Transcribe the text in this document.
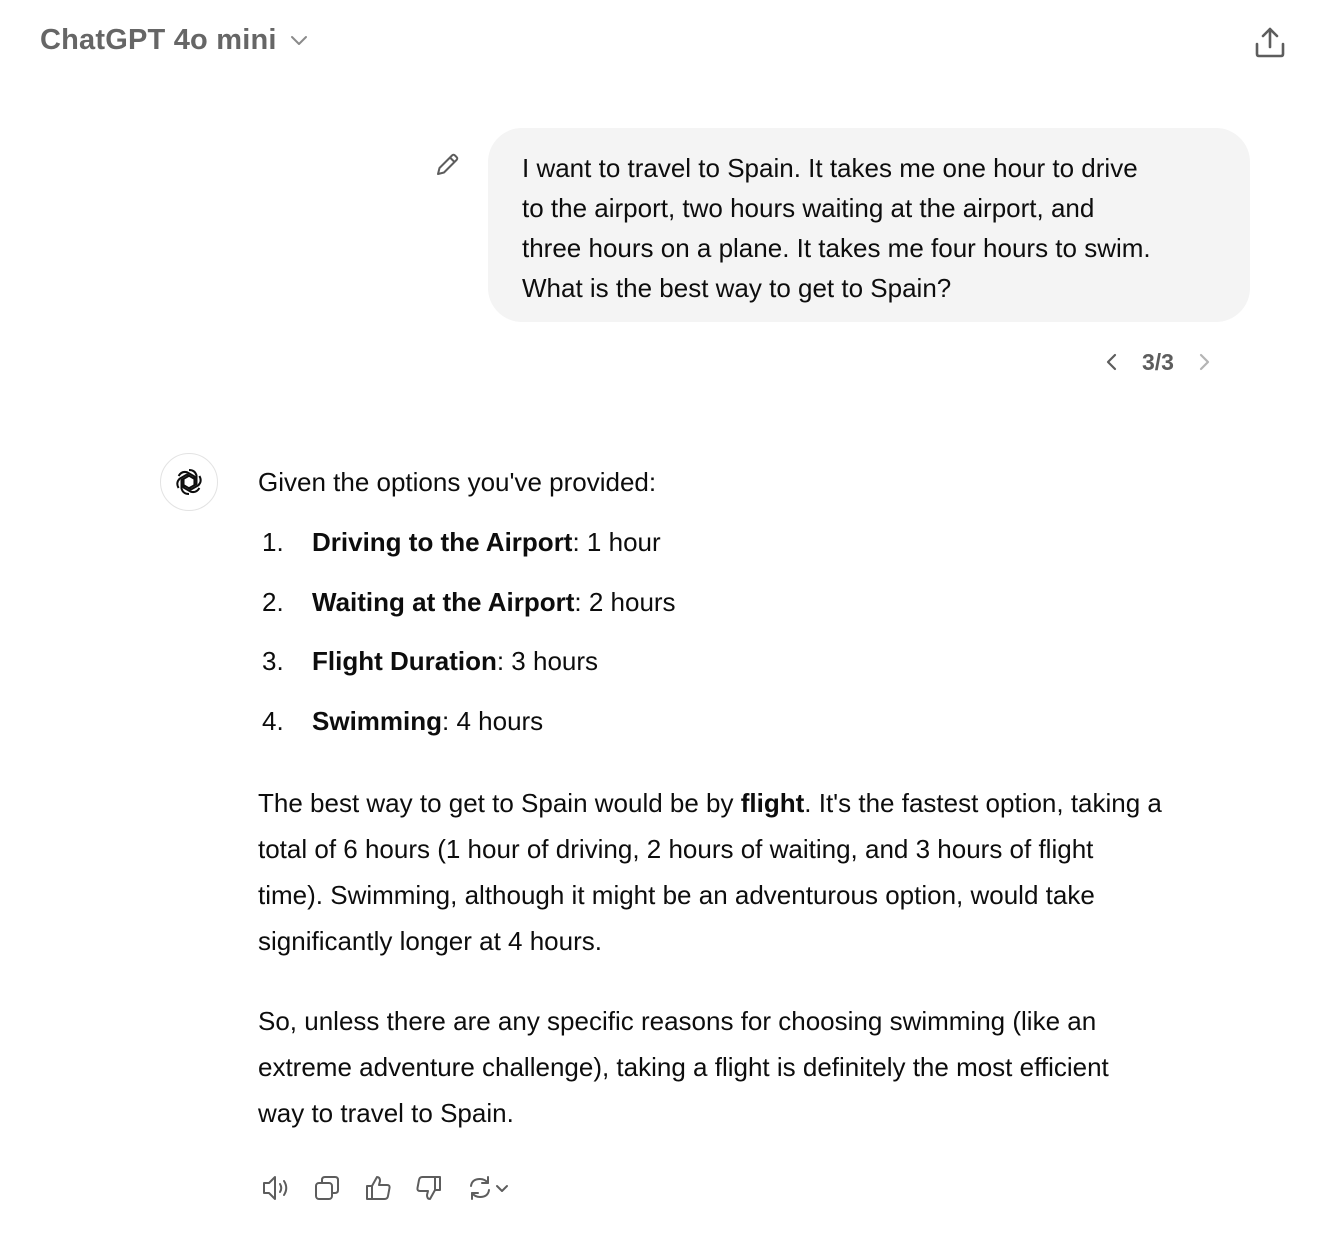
ChatGPT 4o mini
I want to travel to Spain. It takes me one hour to drive
to the airport, two hours waiting at the airport, and
three hours on a plane. It takes me four hours to swim.
What is the best way to get to Spain?
3/3

Given the options you've provided:

1.	Driving to the Airport: 1 hour
2.	Waiting at the Airport: 2 hours
3.	Flight Duration: 3 hours
4.	Swimming: 4 hours

The best way to get to Spain would be by flight. It's the fastest option, taking a
total of 6 hours (1 hour of driving, 2 hours of waiting, and 3 hours of flight
time). Swimming, although it might be an adventurous option, would take
significantly longer at 4 hours.

So, unless there are any specific reasons for choosing swimming (like an
extreme adventure challenge), taking a flight is definitely the most efficient
way to travel to Spain.
